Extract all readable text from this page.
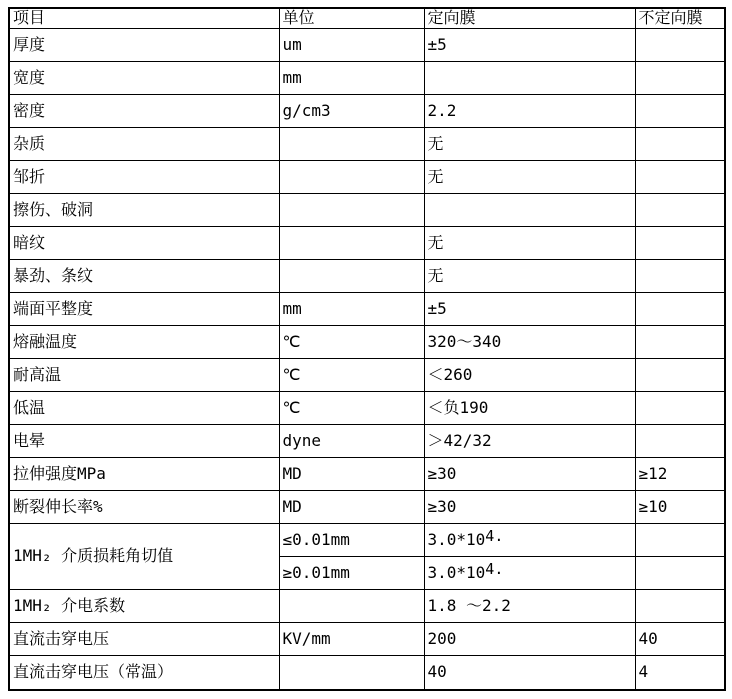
项目	单位	定向膜	不定向膜
厚度	um	±5	
宽度	mm		
密度	g/cm3	2.2	
杂质		无	
邹折		无	
擦伤、破洞			
暗纹		无	
暴劲、条纹		无	
端面平整度	mm	±5	
熔融温度	℃	320～340	
耐高温	℃	＜260	
低温	℃	＜负190	
电晕	dyne	＞42/32	
拉伸强度MPa	MD	≥30	≥12
断裂伸长率%	MD	≥30	≥10
1MH₂ 介质损耗角切值	≤0.01mm	$3.0*10^{4.}$	
	≥0.01mm	$3.0*10^{4.}$	
1MH₂ 介电系数		1.8 ～2.2	
直流击穿电压	KV/mm	200	40
直流击穿电压（常温）		40	4
